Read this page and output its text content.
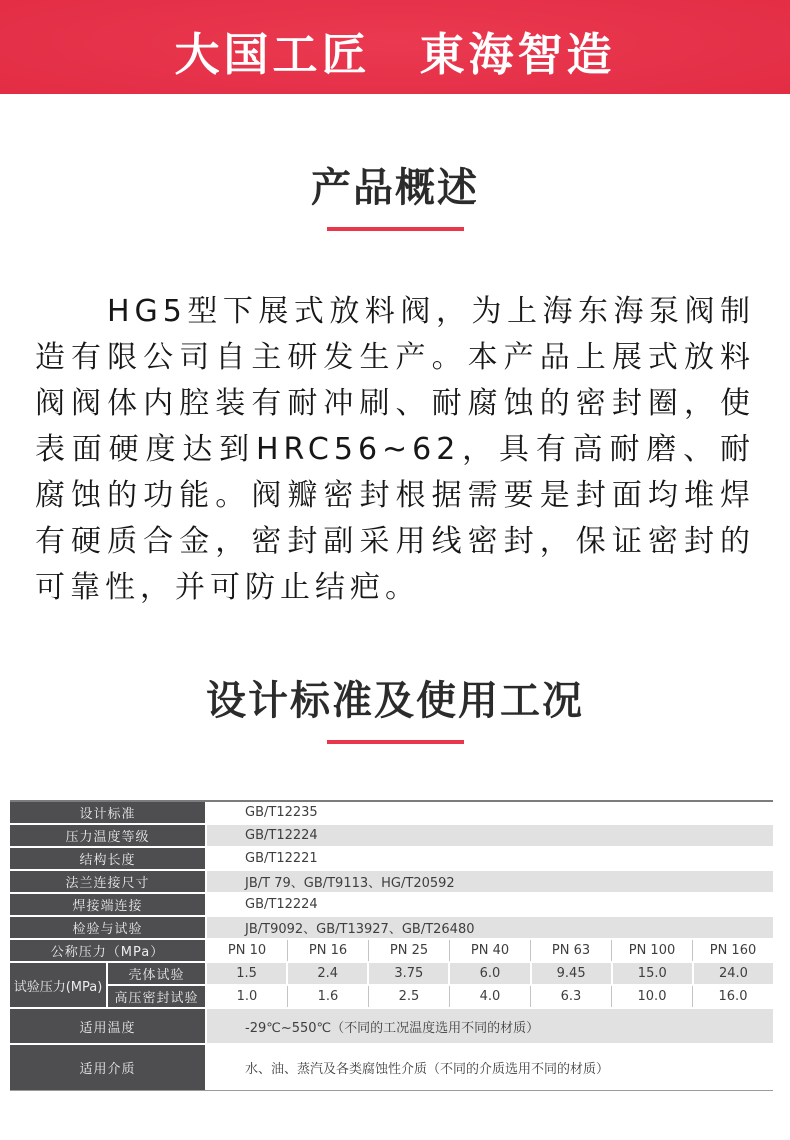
大国工匠　東海智造
产品概述

HG5型下展式放料阀，为上海东海泵阀制造有限公司自主研发生产。本产品上展式放料阀阀体内腔装有耐冲刷、耐腐蚀的密封圈，使表面硬度达到HRC56~62，具有高耐磨、耐腐蚀的功能。阀瓣密封根据需要是封面均堆焊有硬质合金，密封副采用线密封，保证密封的可靠性，并可防止结疤。

设计标准及使用工况
设计标准	GB/T12235
压力温度等级	GB/T12224
结构长度	GB/T12221
法兰连接尺寸	JB/T 79、GB/T9113、HG/T20592
焊接端连接	GB/T12224
检验与试验	JB/T9092、GB/T13927、GB/T26480
公称压力（MPa）	PN 10	PN 16	PN 25	PN 40	PN 63	PN 100	PN 160
试验压力(MPa)
壳体试验	1.5	2.4	3.75	6.0	9.45	15.0	24.0
高压密封试验	1.0	1.6	2.5	4.0	6.3	10.0	16.0
适用温度	-29℃~550℃（不同的工况温度选用不同的材质）
适用介质	水、油、蒸汽及各类腐蚀性介质（不同的介质选用不同的材质）
